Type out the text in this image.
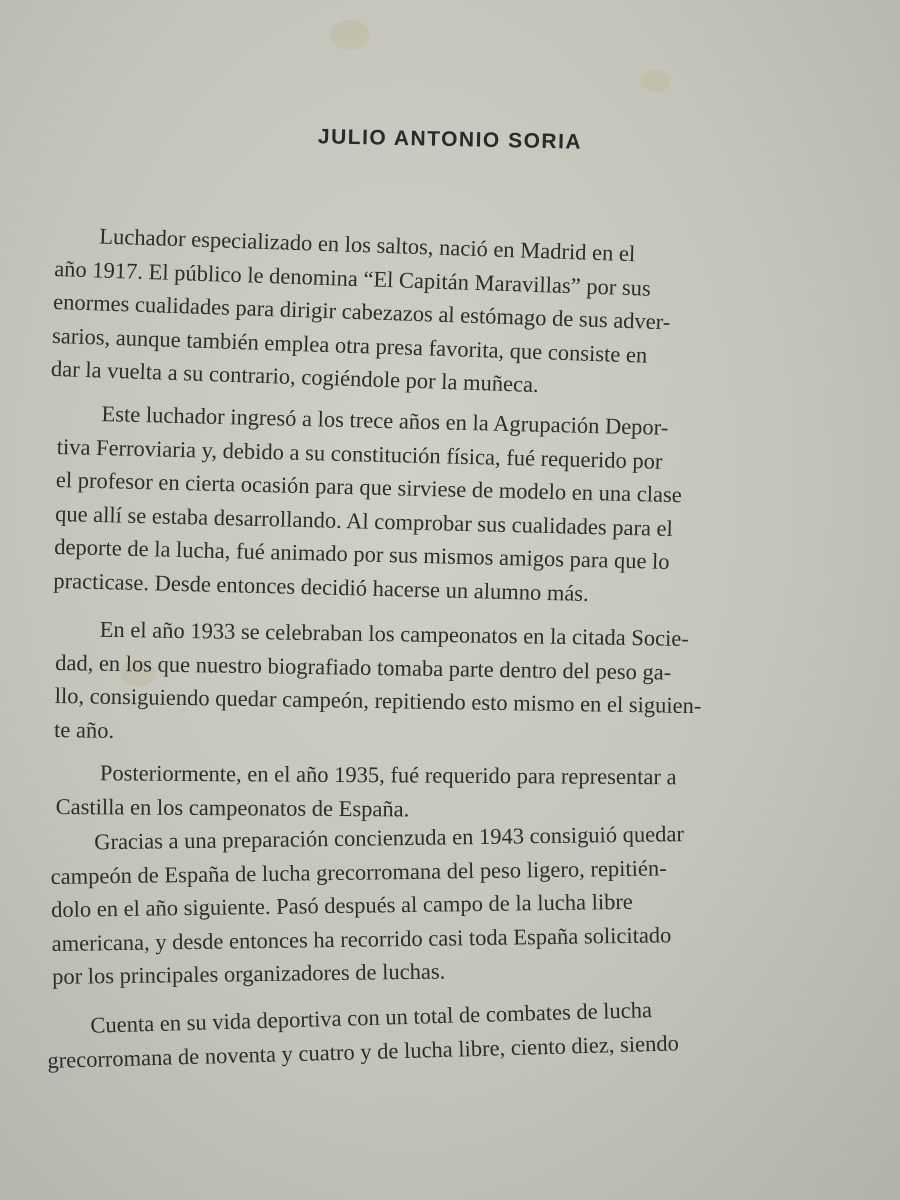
JULIO ANTONIO SORIA

Luchador especializado en los saltos, nació en Madrid en el
año 1917. El público le denomina “El Capitán Maravillas” por sus
enormes cualidades para dirigir cabezazos al estómago de sus adver-
sarios, aunque también emplea otra presa favorita, que consiste en
dar la vuelta a su contrario, cogiéndole por la muñeca.

Este luchador ingresó a los trece años en la Agrupación Depor-
tiva Ferroviaria y, debido a su constitución física, fué requerido por
el profesor en cierta ocasión para que sirviese de modelo en una clase
que allí se estaba desarrollando. Al comprobar sus cualidades para el
deporte de la lucha, fué animado por sus mismos amigos para que lo
practicase. Desde entonces decidió hacerse un alumno más.

En el año 1933 se celebraban los campeonatos en la citada Socie-
dad, en los que nuestro biografiado tomaba parte dentro del peso ga-
llo, consiguiendo quedar campeón, repitiendo esto mismo en el siguien-
te año.

Posteriormente, en el año 1935, fué requerido para representar a
Castilla en los campeonatos de España.

Gracias a una preparación concienzuda en 1943 consiguió quedar
campeón de España de lucha grecorromana del peso ligero, repitién-
dolo en el año siguiente. Pasó después al campo de la lucha libre
americana, y desde entonces ha recorrido casi toda España solicitado
por los principales organizadores de luchas.

Cuenta en su vida deportiva con un total de combates de lucha
grecorromana de noventa y cuatro y de lucha libre, ciento diez, siendo
